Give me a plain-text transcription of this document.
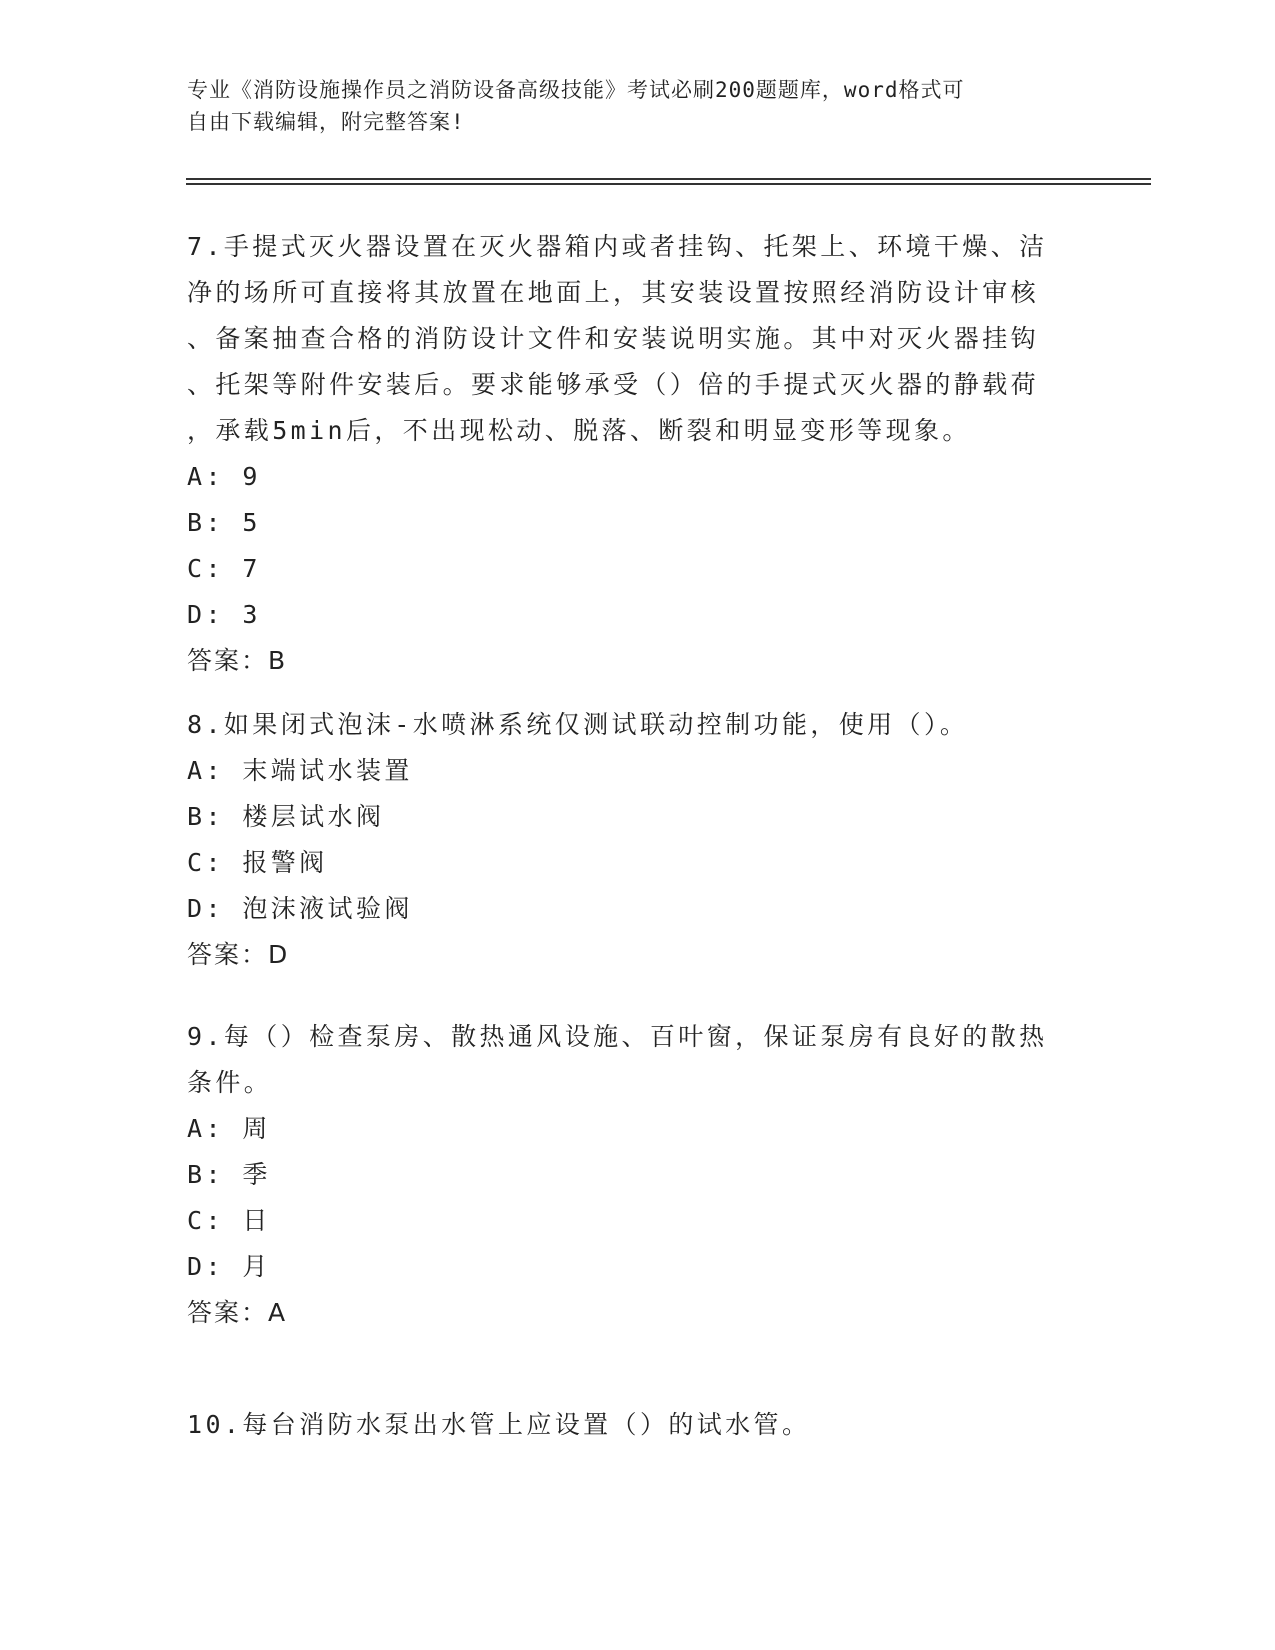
专业《消防设施操作员之消防设备高级技能》考试必刷200题题库，word格式可
自由下载编辑，附完整答案!
7.手提式灭火器设置在灭火器箱内或者挂钩、托架上、环境干燥、洁
净的场所可直接将其放置在地面上，其安装设置按照经消防设计审核
、备案抽查合格的消防设计文件和安装说明实施。其中对灭火器挂钩
、托架等附件安装后。要求能够承受（）倍的手提式灭火器的静载荷
，承载5min后，不出现松动、脱落、断裂和明显变形等现象。
A: 9
B: 5
C: 7
D: 3
答案：B
8.如果闭式泡沫-水喷淋系统仅测试联动控制功能，使用（）。
A: 末端试水装置
B: 楼层试水阀
C: 报警阀
D: 泡沫液试验阀
答案：D
9.每（）检查泵房、散热通风设施、百叶窗，保证泵房有良好的散热
条件。
A: 周
B: 季
C: 日
D: 月
答案：A
10.每台消防水泵出水管上应设置（）的试水管。
